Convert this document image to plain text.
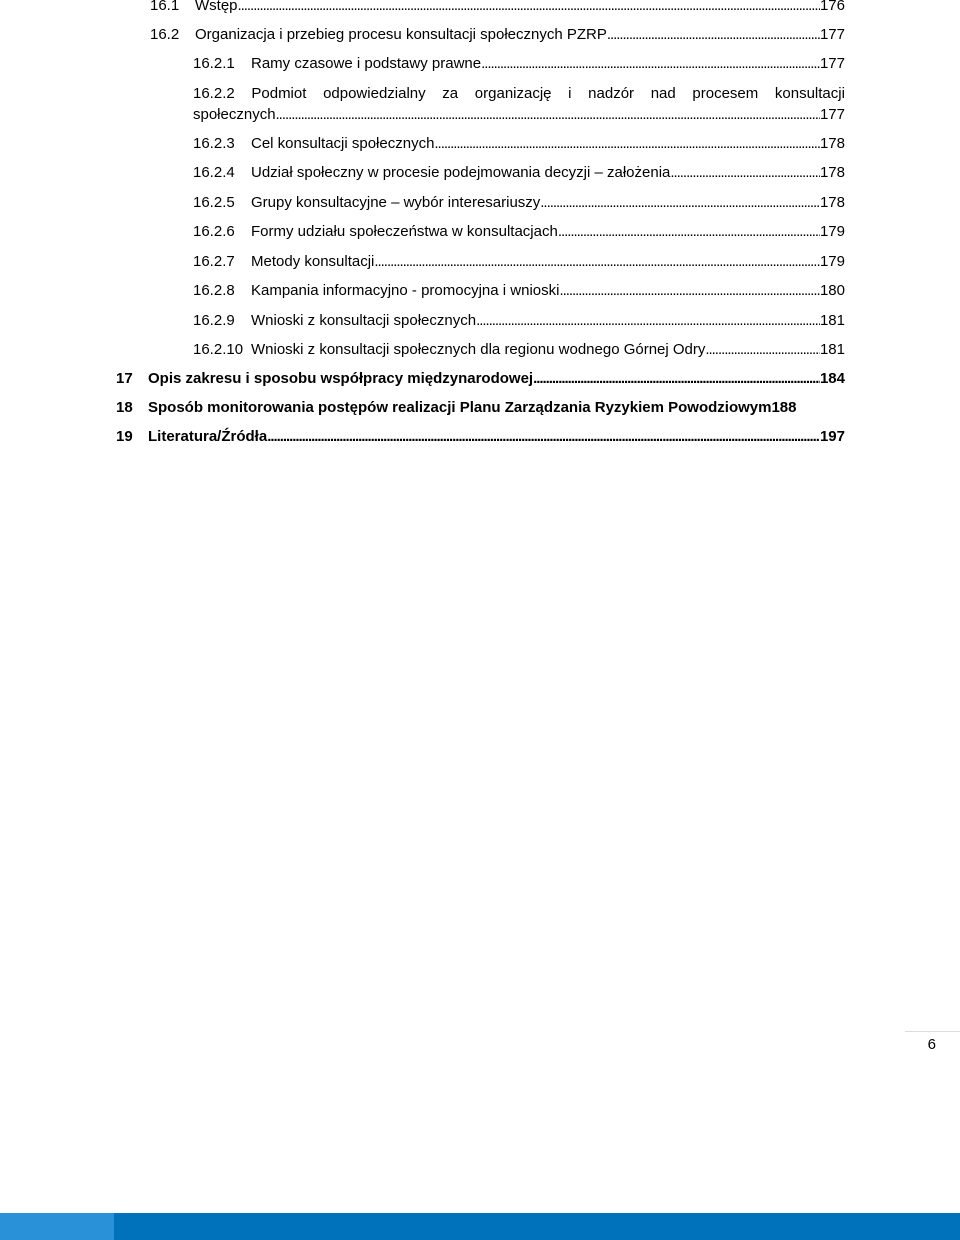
16.1	Wstęp . . .	176
16.2	Organizacja i przebieg procesu konsultacji społecznych PZRP . . .	177
16.2.1	Ramy czasowe i podstawy prawne . . .	177
16.2.2 Podmiot odpowiedzialny za organizację i nadzór nad procesem konsultacji
społecznych . . .	177
16.2.3	Cel konsultacji społecznych . . .	178
16.2.4	Udział społeczny w procesie podejmowania decyzji – założenia . . .	178
16.2.5	Grupy konsultacyjne – wybór interesariuszy . . .	178
16.2.6	Formy udziału społeczeństwa w konsultacjach . . .	179
16.2.7	Metody konsultacji . . .	179
16.2.8	Kampania informacyjno - promocyjna i wnioski . . .	180
16.2.9	Wnioski z konsultacji społecznych . . .	181
16.2.10 Wnioski z konsultacji społecznych dla regionu wodnego Górnej Odry . . .	181
17	Opis zakresu i sposobu współpracy międzynarodowej . . .	184
18	Sposób monitorowania postępów realizacji Planu Zarządzania Ryzykiem Powodziowym 188
19	Literatura/Źródła . . .	197
6
